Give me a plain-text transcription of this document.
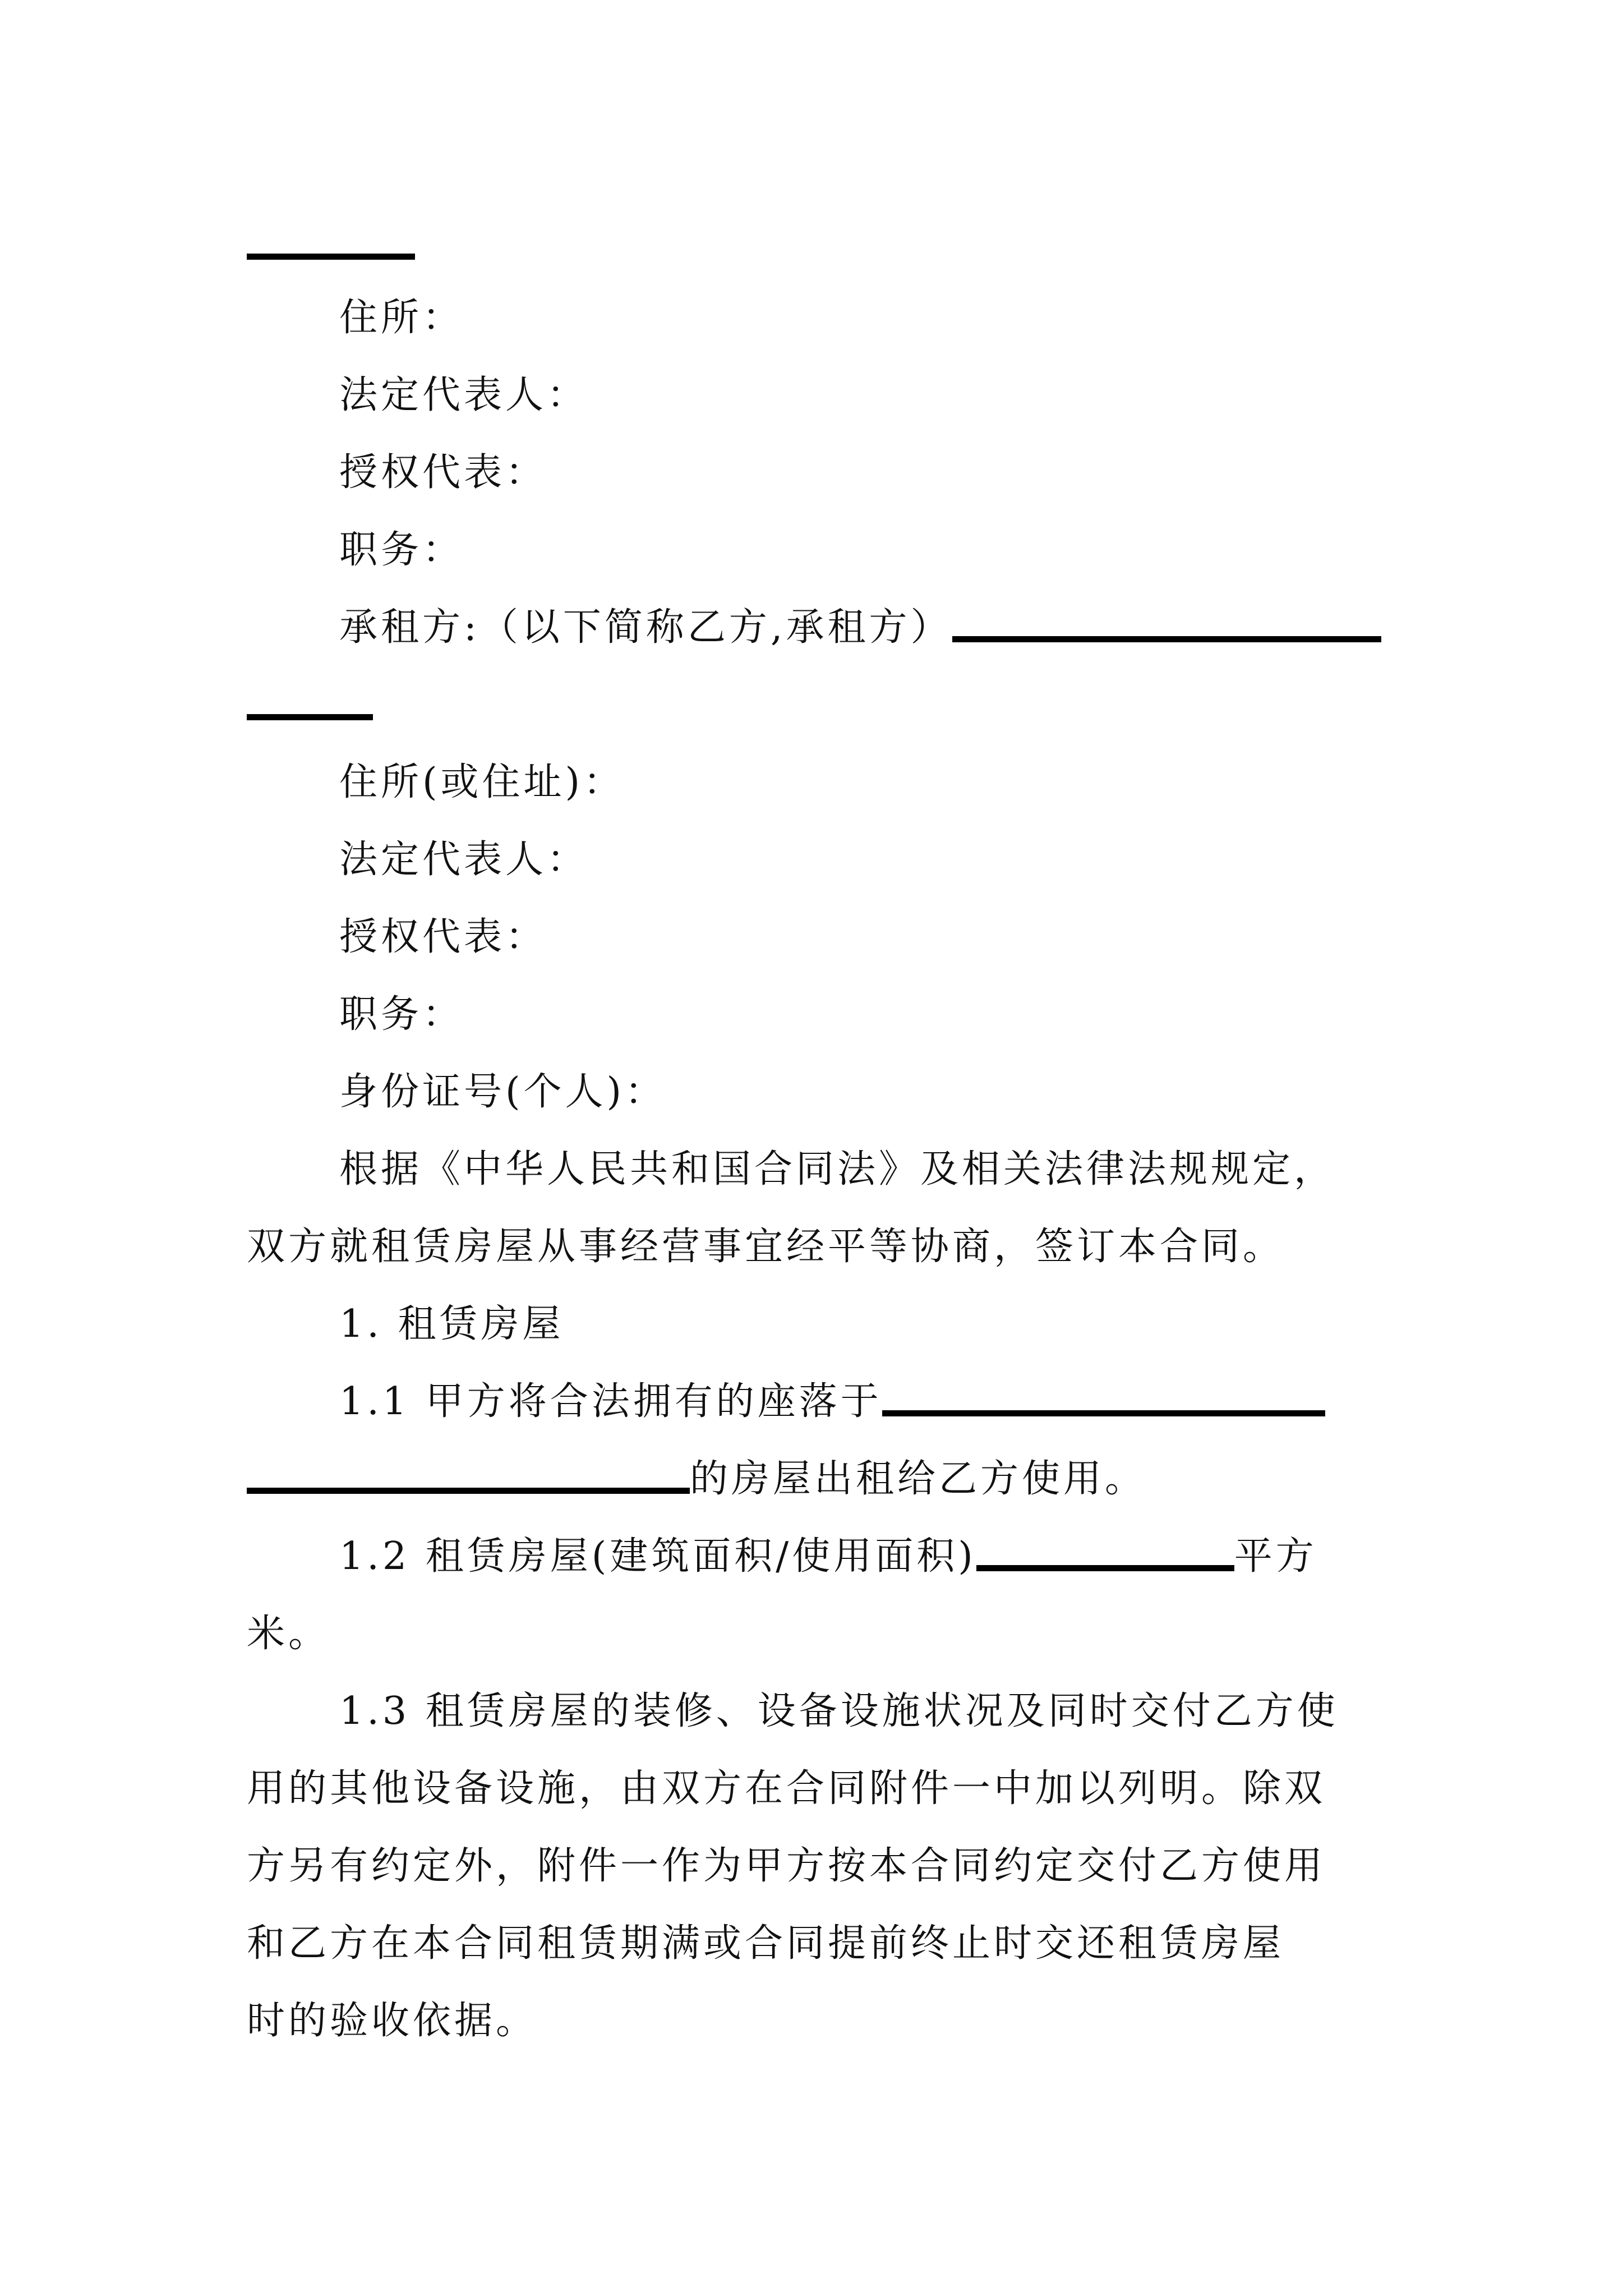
住所：
法定代表人：
授权代表：
职务：
承租方:（以下简称乙方,承租方）
住所(或住址)：
法定代表人：
授权代表：
职务：
身份证号(个人)：
根据《中华人民共和国合同法》及相关法律法规规定，
双方就租赁房屋从事经营事宜经平等协商，签订本合同。
1. 租赁房屋
1.1 甲方将合法拥有的座落于
的房屋出租给乙方使用。
1.2 租赁房屋(建筑面积/使用面积)	平方
米。
1.3 租赁房屋的装修、设备设施状况及同时交付乙方使
用的其他设备设施，由双方在合同附件一中加以列明。除双
方另有约定外，附件一作为甲方按本合同约定交付乙方使用
和乙方在本合同租赁期满或合同提前终止时交还租赁房屋
时的验收依据。
